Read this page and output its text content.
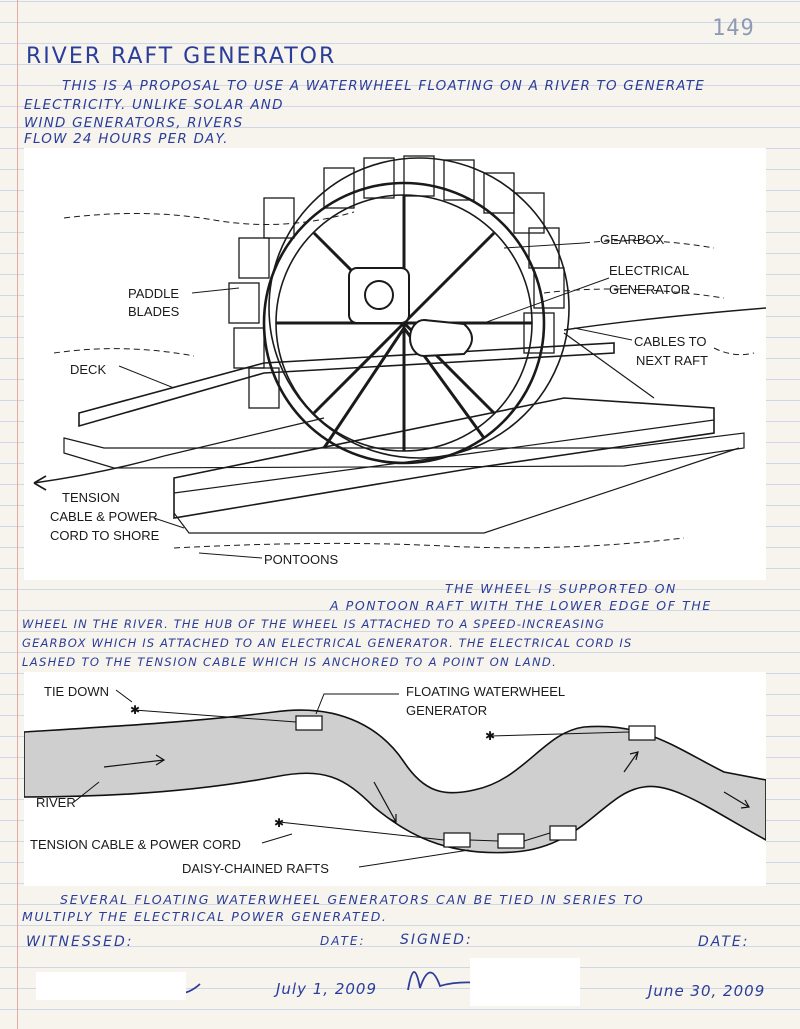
149
RIVER RAFT GENERATOR
THIS IS A PROPOSAL TO USE A WATERWHEEL FLOATING ON A RIVER TO GENERATE
ELECTRICITY. UNLIKE SOLAR AND
WIND GENERATORS, RIVERS
FLOW 24 HOURS PER DAY.
GEARBOX
ELECTRICAL
GENERATOR
PADDLE
BLADES
CABLES TO
NEXT RAFT
DECK
TENSION
CABLE & POWER
CORD TO SHORE
PONTOONS
THE WHEEL IS SUPPORTED ON
A PONTOON RAFT WITH THE LOWER EDGE OF THE
WHEEL IN THE RIVER. THE HUB OF THE WHEEL IS ATTACHED TO A SPEED-INCREASING
GEARBOX WHICH IS ATTACHED TO AN ELECTRICAL GENERATOR. THE ELECTRICAL CORD IS
LASHED TO THE TENSION CABLE WHICH IS ANCHORED TO A POINT ON LAND.
✱
✱
✱
TIE DOWN	FLOATING WATERWHEEL
GENERATOR
RIVER
TENSION CABLE & POWER CORD
DAISY-CHAINED RAFTS
SEVERAL FLOATING WATERWHEEL GENERATORS CAN BE TIED IN SERIES TO
MULTIPLY THE ELECTRICAL POWER GENERATED.
WITNESSED:	DATE: SIGNED:	DATE:
July 1, 2009	June 30, 2009
